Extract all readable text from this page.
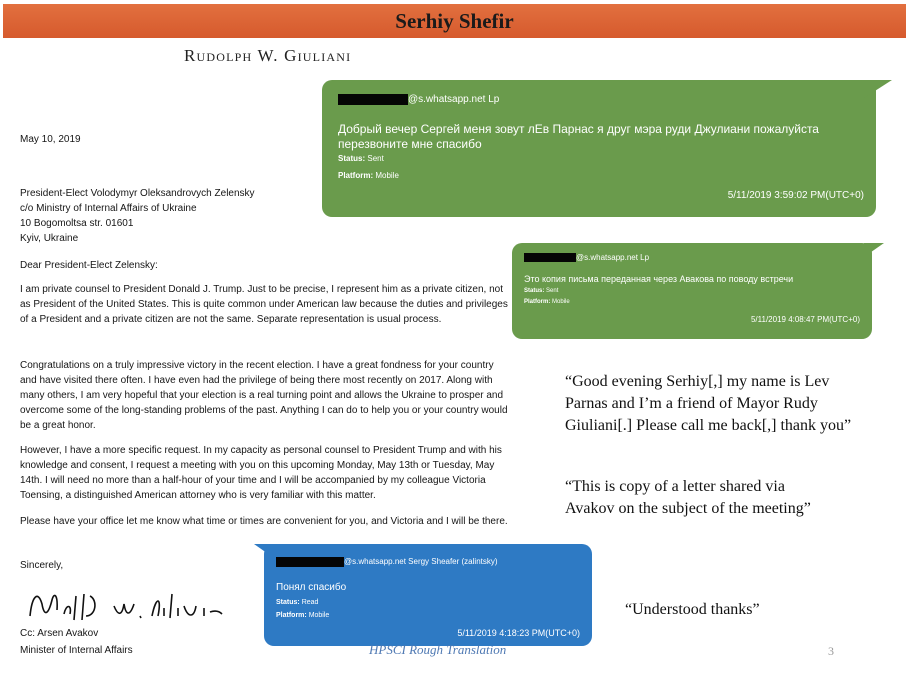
Serhiy Shefir
Rudolph W. Giuliani
May 10, 2019
President-Elect Volodymyr Oleksandrovych Zelensky
c/o Ministry of Internal Affairs of Ukraine
10 Bogomoltsa str. 01601
Kyiv, Ukraine
Dear President-Elect Zelensky:
I am private counsel to President Donald J. Trump. Just to be precise, I represent him as a private citizen, not as President of the United States. This is quite common under American law because the duties and privileges of a President and a private citizen are not the same. Separate representation is usual process.
Congratulations on a truly impressive victory in the recent election. I have a great fondness for your country and have visited there often. I have even had the privilege of being there most recently on 2017. Along with many others, I am very hopeful that your election is a real turning point and allows the Ukraine to prosper and overcome some of the long-standing problems of the past. Anything I can do to help you or your country would be a great honor.
However, I have a more specific request. In my capacity as personal counsel to President Trump and with his knowledge and consent, I request a meeting with you on this upcoming Monday, May 13th or Tuesday, May 14th. I will need no more than a half-hour of your time and I will be accompanied by my colleague Victoria Toensing, a distinguished American attorney who is very familiar with this matter.
Please have your office let me know what time or times are convenient for you, and Victoria and I will be there.
Sincerely,
Cc: Arsen Avakov
Minister of Internal Affairs
@s.whatsapp.net Lp
Добрый вечер Сергей меня зовут лЕв Парнас я друг мэра руди Джулиани пожалуйста перезвоните мне спасибо
Status: Sent
Platform: Mobile
5/11/2019 3:59:02 PM(UTC+0)
@s.whatsapp.net Lp
Это копия письма переданная через Авакова по поводу встречи
Status: Sent
Platform: Mobile
5/11/2019 4:08:47 PM(UTC+0)
@s.whatsapp.net Sergy Sheafer (zalintsky)
Понял спасибо
Status: Read
Platform: Mobile
5/11/2019 4:18:23 PM(UTC+0)
“Good evening Serhiy[,] my name is Lev Parnas and I’m a friend of Mayor Rudy Giuliani[.] Please call me back[,] thank you”
“This is copy of a letter shared via Avakov on the subject of the meeting”
“Understood thanks”
HPSCI Rough Translation	3
